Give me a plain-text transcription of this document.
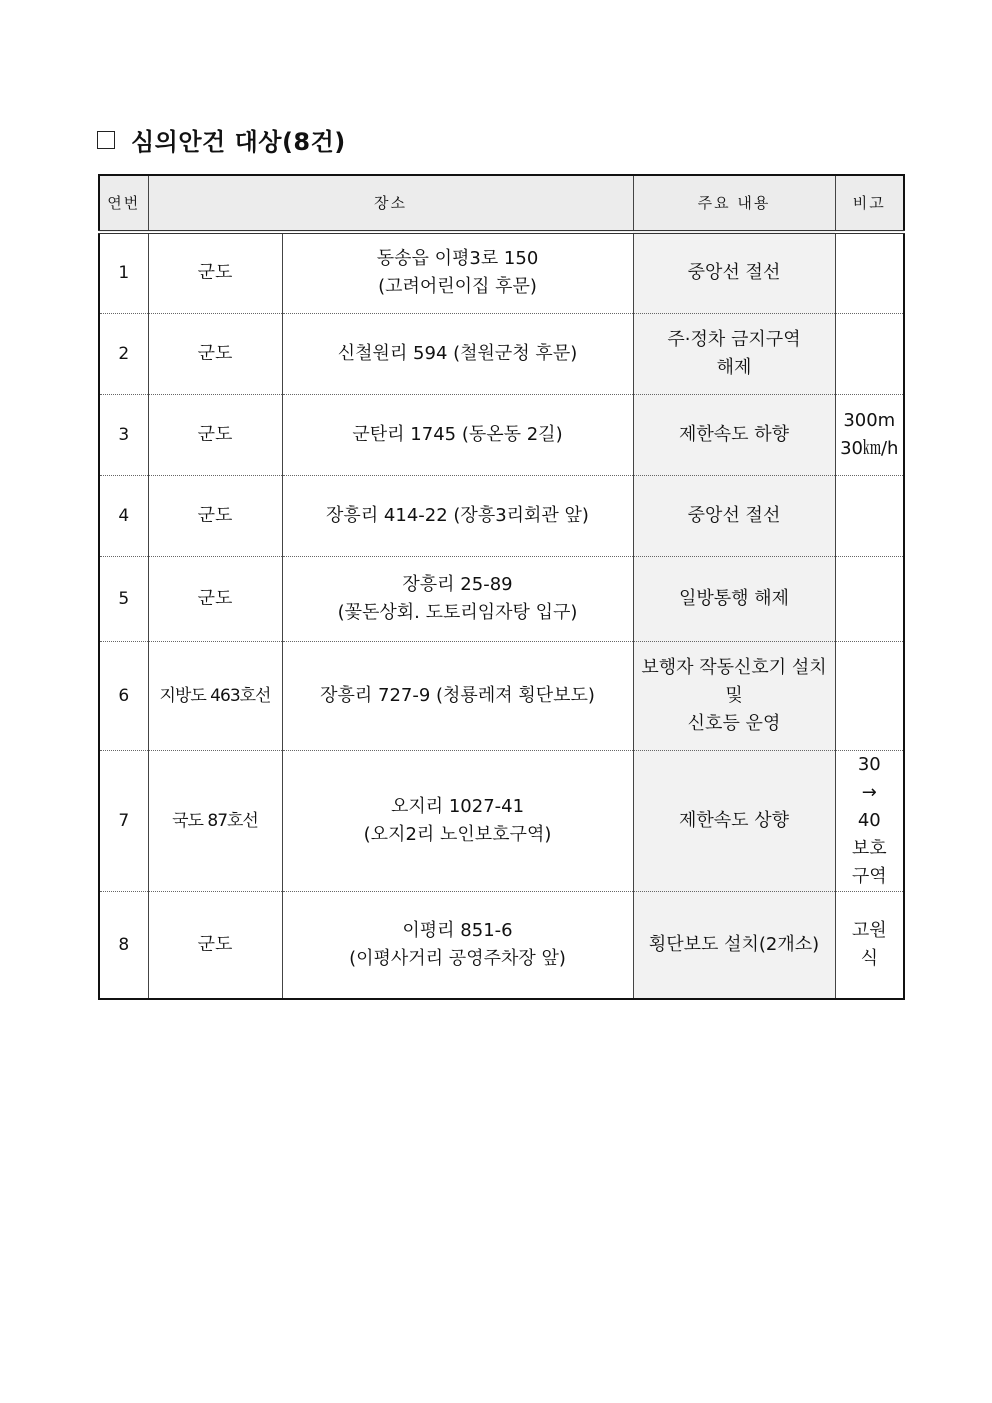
심의안건 대상(8건)
연번	장소		주요 내용	비고
1	군도	동송읍 이평3로 150
(고려어린이집 후문)	중앙선 절선	

2	군도	신철원리 594 (철원군청 후문)	주·정차 금지구역
해제	

3	군도	군탄리 1745 (동온동 2길)	제한속도 하향	300m
30㎞/h

4	군도	장흥리 414-22 (장흥3리회관 앞)	중앙선 절선	

5	군도	장흥리 25-89
(꽃돈상회. 도토리임자탕 입구)	일방통행 해제	

6	지방도 463호선	장흥리 727-9 (청룡레져 횡단보도)	보행자 작동신호기 설치
및
신호등 운영	

7	국도 87호선	오지리 1027-41
(오지2리 노인보호구역)	제한속도 상향	30
→
40
보호
구역

8	군도	이평리 851-6
(이평사거리 공영주차장 앞)	횡단보도 설치(2개소)	고원
식
